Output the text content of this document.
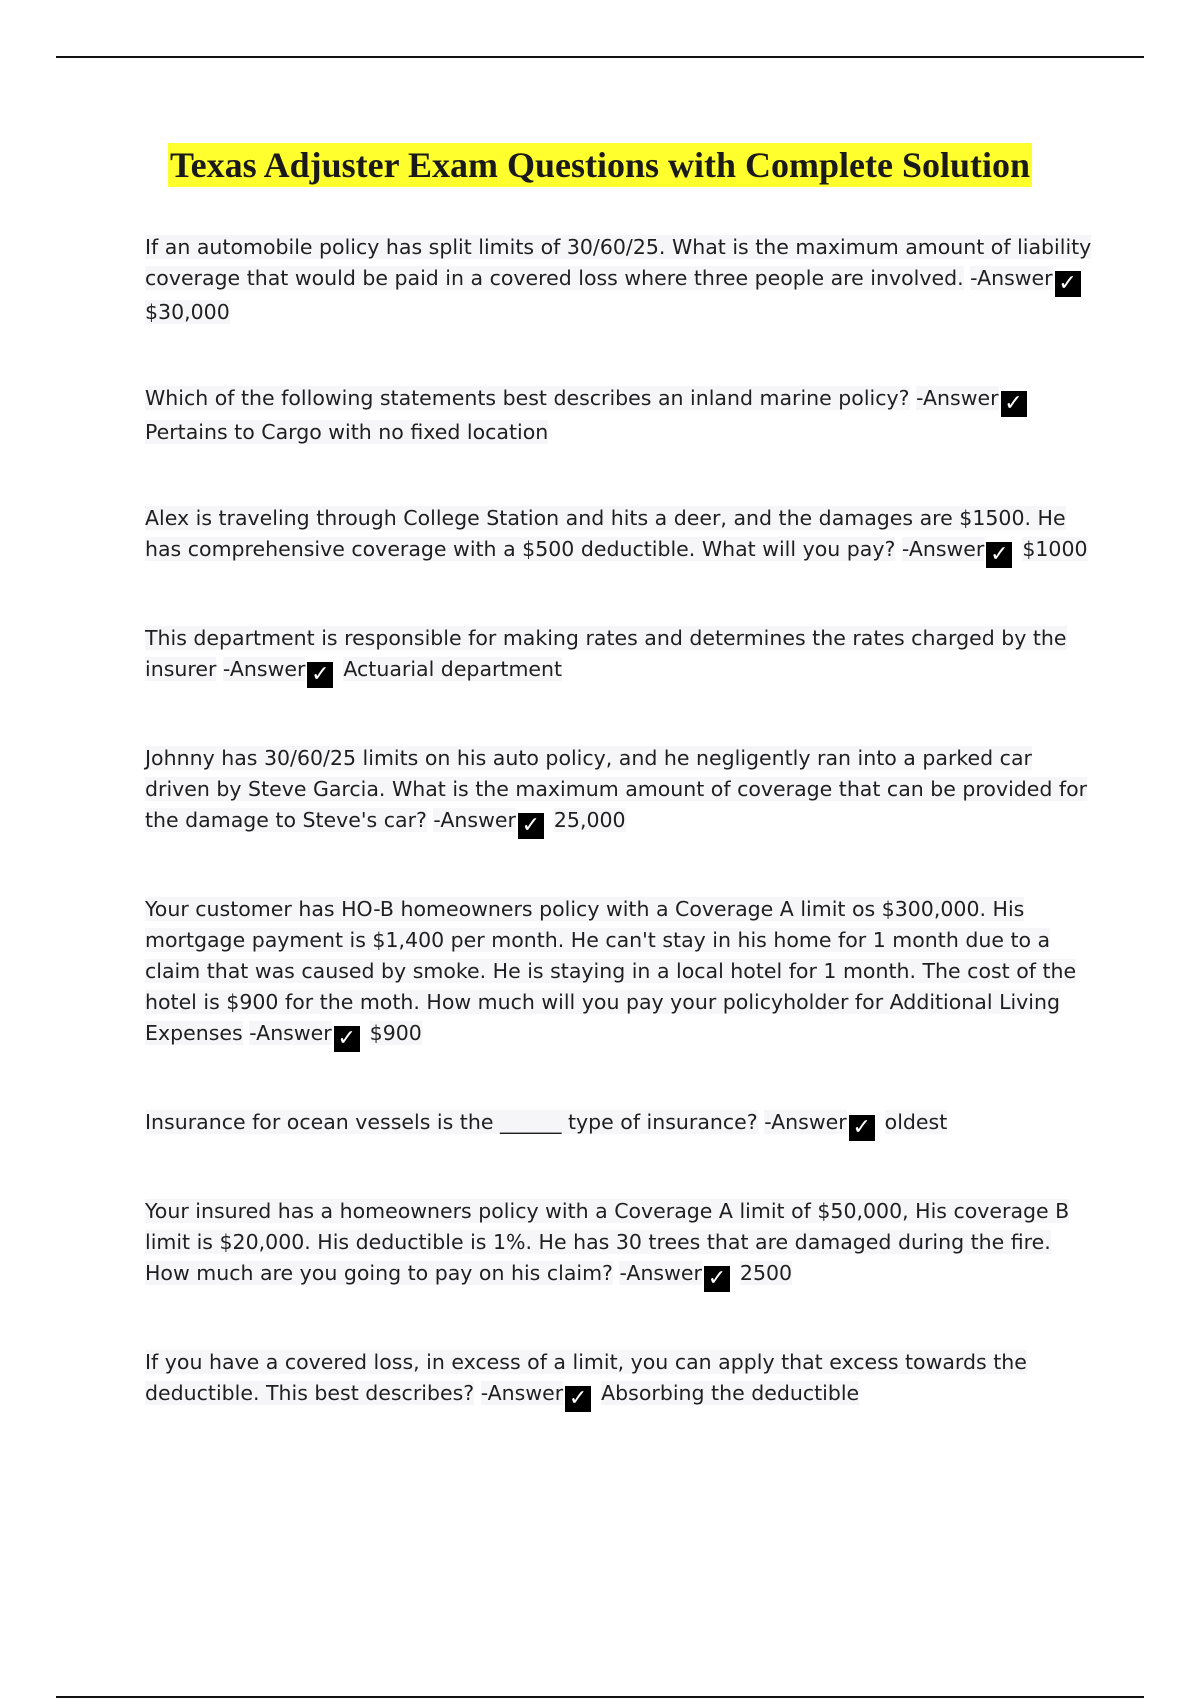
Texas Adjuster Exam Questions with Complete Solution
If an automobile policy has split limits of 30/60/25. What is the maximum amount of liability coverage that would be paid in a covered loss where three people are involved. -Answer ✓$30,000
Which of the following statements best describes an inland marine policy? -Answer ✓Pertains to Cargo with no fixed location
Alex is traveling through College Station and hits a deer, and the damages are $1500. He has comprehensive coverage with a $500 deductible. What will you pay? -Answer ✓ $1000
This department is responsible for making rates and determines the rates charged by the insurer -Answer ✓ Actuarial department
Johnny has 30/60/25 limits on his auto policy, and he negligently ran into a parked car driven by Steve Garcia. What is the maximum amount of coverage that can be provided for the damage to Steve's car? -Answer ✓ 25,000
Your customer has HO-B homeowners policy with a Coverage A limit os $300,000. His mortgage payment is $1,400 per month. He can't stay in his home for 1 month due to a claim that was caused by smoke. He is staying in a local hotel for 1 month. The cost of the hotel is $900 for the moth. How much will you pay your policyholder for Additional Living Expenses -Answer ✓ $900
Insurance for ocean vessels is the ______ type of insurance? -Answer ✓ oldest
Your insured has a homeowners policy with a Coverage A limit of $50,000, His coverage B limit is $20,000. His deductible is 1%. He has 30 trees that are damaged during the fire. How much are you going to pay on his claim? -Answer ✓ 2500
If you have a covered loss, in excess of a limit, you can apply that excess towards the deductible. This best describes? -Answer ✓ Absorbing the deductible
